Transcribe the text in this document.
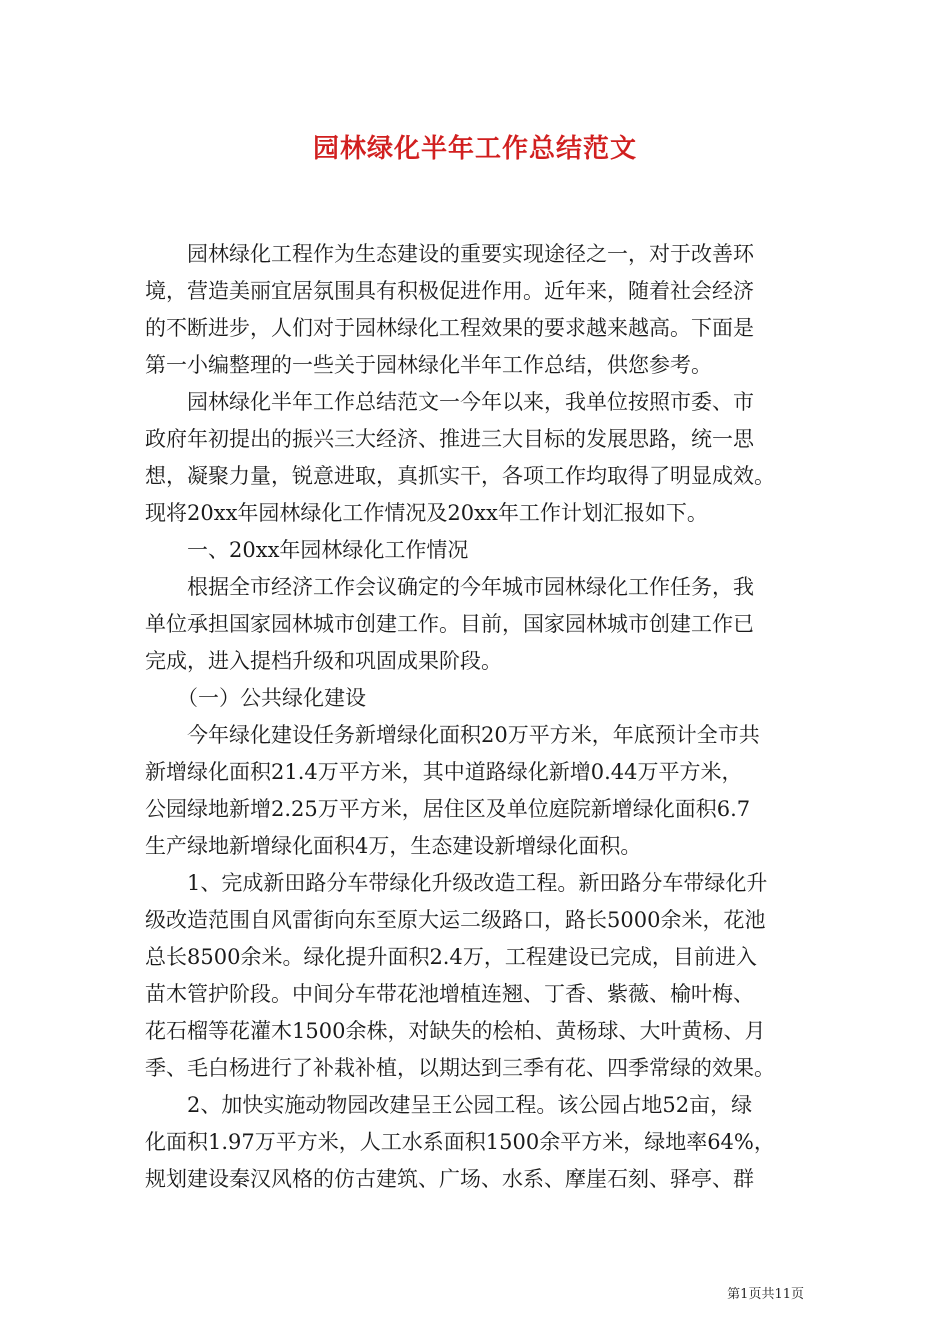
园林绿化半年工作总结范文
园林绿化工程作为生态建设的重要实现途径之一，对于改善环
境，营造美丽宜居氛围具有积极促进作用。近年来，随着社会经济
的不断进步，人们对于园林绿化工程效果的要求越来越高。下面是
第一小编整理的一些关于园林绿化半年工作总结，供您参考。
园林绿化半年工作总结范文一今年以来，我单位按照市委、市
政府年初提出的振兴三大经济、推进三大目标的发展思路，统一思
想，凝聚力量，锐意进取，真抓实干，各项工作均取得了明显成效。
现将20xx年园林绿化工作情况及20xx年工作计划汇报如下。
一、20xx年园林绿化工作情况
根据全市经济工作会议确定的今年城市园林绿化工作任务，我
单位承担国家园林城市创建工作。目前，国家园林城市创建工作已
完成，进入提档升级和巩固成果阶段。
（一）公共绿化建设
今年绿化建设任务新增绿化面积20万平方米，年底预计全市共
新增绿化面积21.4万平方米，其中道路绿化新增0.44万平方米，
公园绿地新增2.25万平方米，居住区及单位庭院新增绿化面积6.7
生产绿地新增绿化面积4万，生态建设新增绿化面积。
1、完成新田路分车带绿化升级改造工程。新田路分车带绿化升
级改造范围自风雷街向东至原大运二级路口，路长5000余米，花池
总长8500余米。绿化提升面积2.4万，工程建设已完成，目前进入
苗木管护阶段。中间分车带花池增植连翘、丁香、紫薇、榆叶梅、
花石榴等花灌木1500余株，对缺失的桧柏、黄杨球、大叶黄杨、月
季、毛白杨进行了补栽补植，以期达到三季有花、四季常绿的效果。
2、加快实施动物园改建呈王公园工程。该公园占地52亩，绿
化面积1.97万平方米，人工水系面积1500余平方米，绿地率64%，
规划建设秦汉风格的仿古建筑、广场、水系、摩崖石刻、驿亭、群
第1页共11页
